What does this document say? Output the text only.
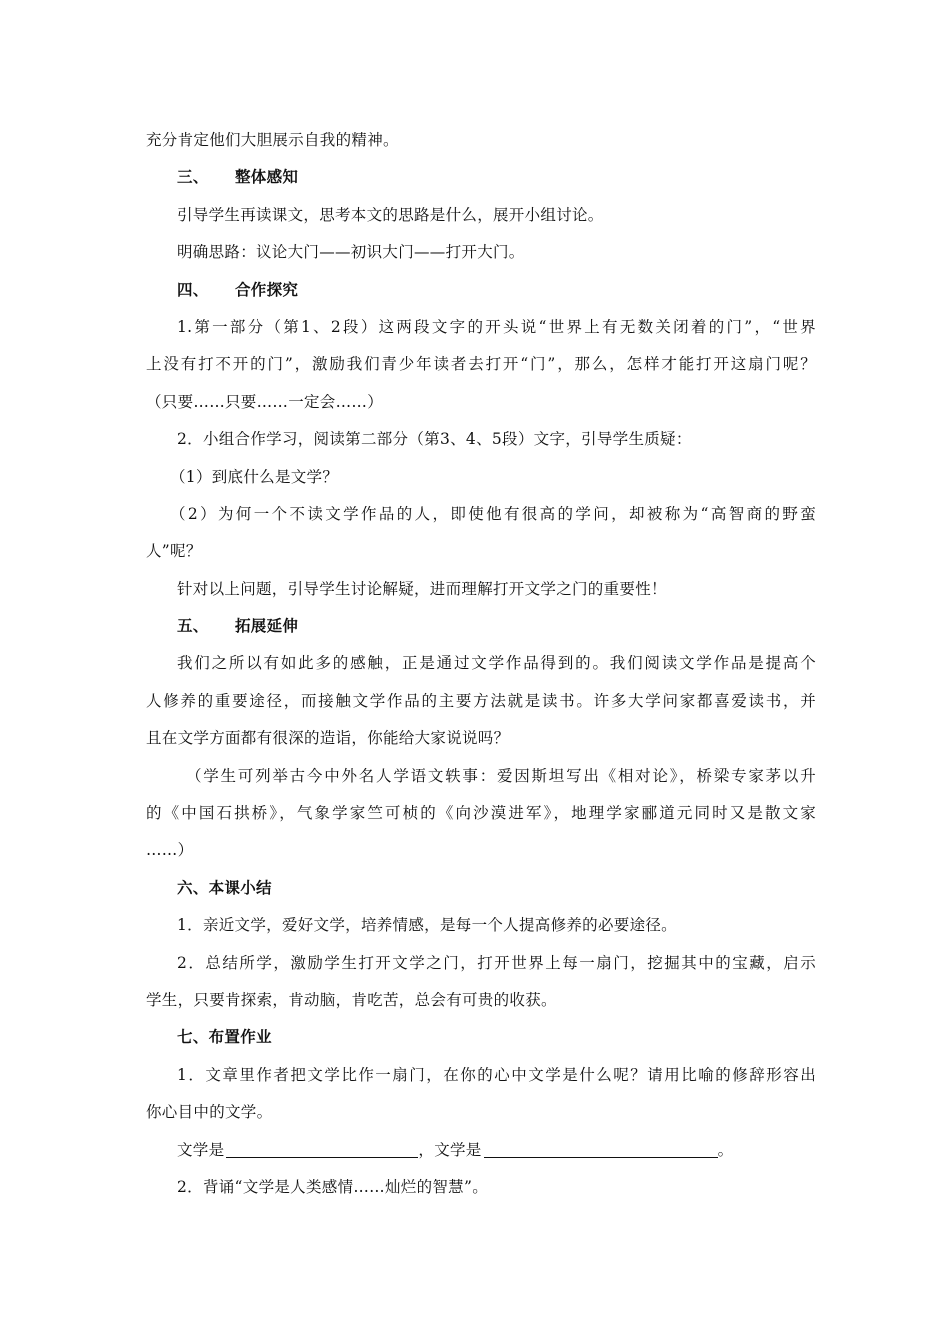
充分肯定他们大胆展示自我的精神。
三、 整体感知
引导学生再读课文，思考本文的思路是什么，展开小组讨论。
明确思路：议论大门——初识大门——打开大门。
四、 合作探究
1.第一部分（第1、2段）这两段文字的开头说“世界上有无数关闭着的门”，“世界
上没有打不开的门”，激励我们青少年读者去打开“门”，那么，怎样才能打开这扇门呢？
（只要……只要……一定会……）
2．小组合作学习，阅读第二部分（第3、4、5段）文字，引导学生质疑：
（1）到底什么是文学？
（2）为何一个不读文学作品的人，即使他有很高的学问，却被称为“高智商的野蛮
人”呢？
针对以上问题，引导学生讨论解疑，进而理解打开文学之门的重要性！
五、 拓展延伸
我们之所以有如此多的感触，正是通过文学作品得到的。我们阅读文学作品是提高个
人修养的重要途径，而接触文学作品的主要方法就是读书。许多大学问家都喜爱读书，并
且在文学方面都有很深的造诣，你能给大家说说吗？
（学生可列举古今中外名人学语文轶事：爱因斯坦写出《相对论》，桥梁专家茅以升
的《中国石拱桥》，气象学家竺可桢的《向沙漠进军》，地理学家郦道元同时又是散文家
……）
六、本课小结
1．亲近文学，爱好文学，培养情感，是每一个人提高修养的必要途径。
2．总结所学，激励学生打开文学之门，打开世界上每一扇门，挖掘其中的宝藏，启示
学生，只要肯探索，肯动脑，肯吃苦，总会有可贵的收获。
七、布置作业
1．文章里作者把文学比作一扇门，在你的心中文学是什么呢？请用比喻的修辞形容出
你心目中的文学。
文学是	，文学是	。
2．背诵“文学是人类感情……灿烂的智慧”。
